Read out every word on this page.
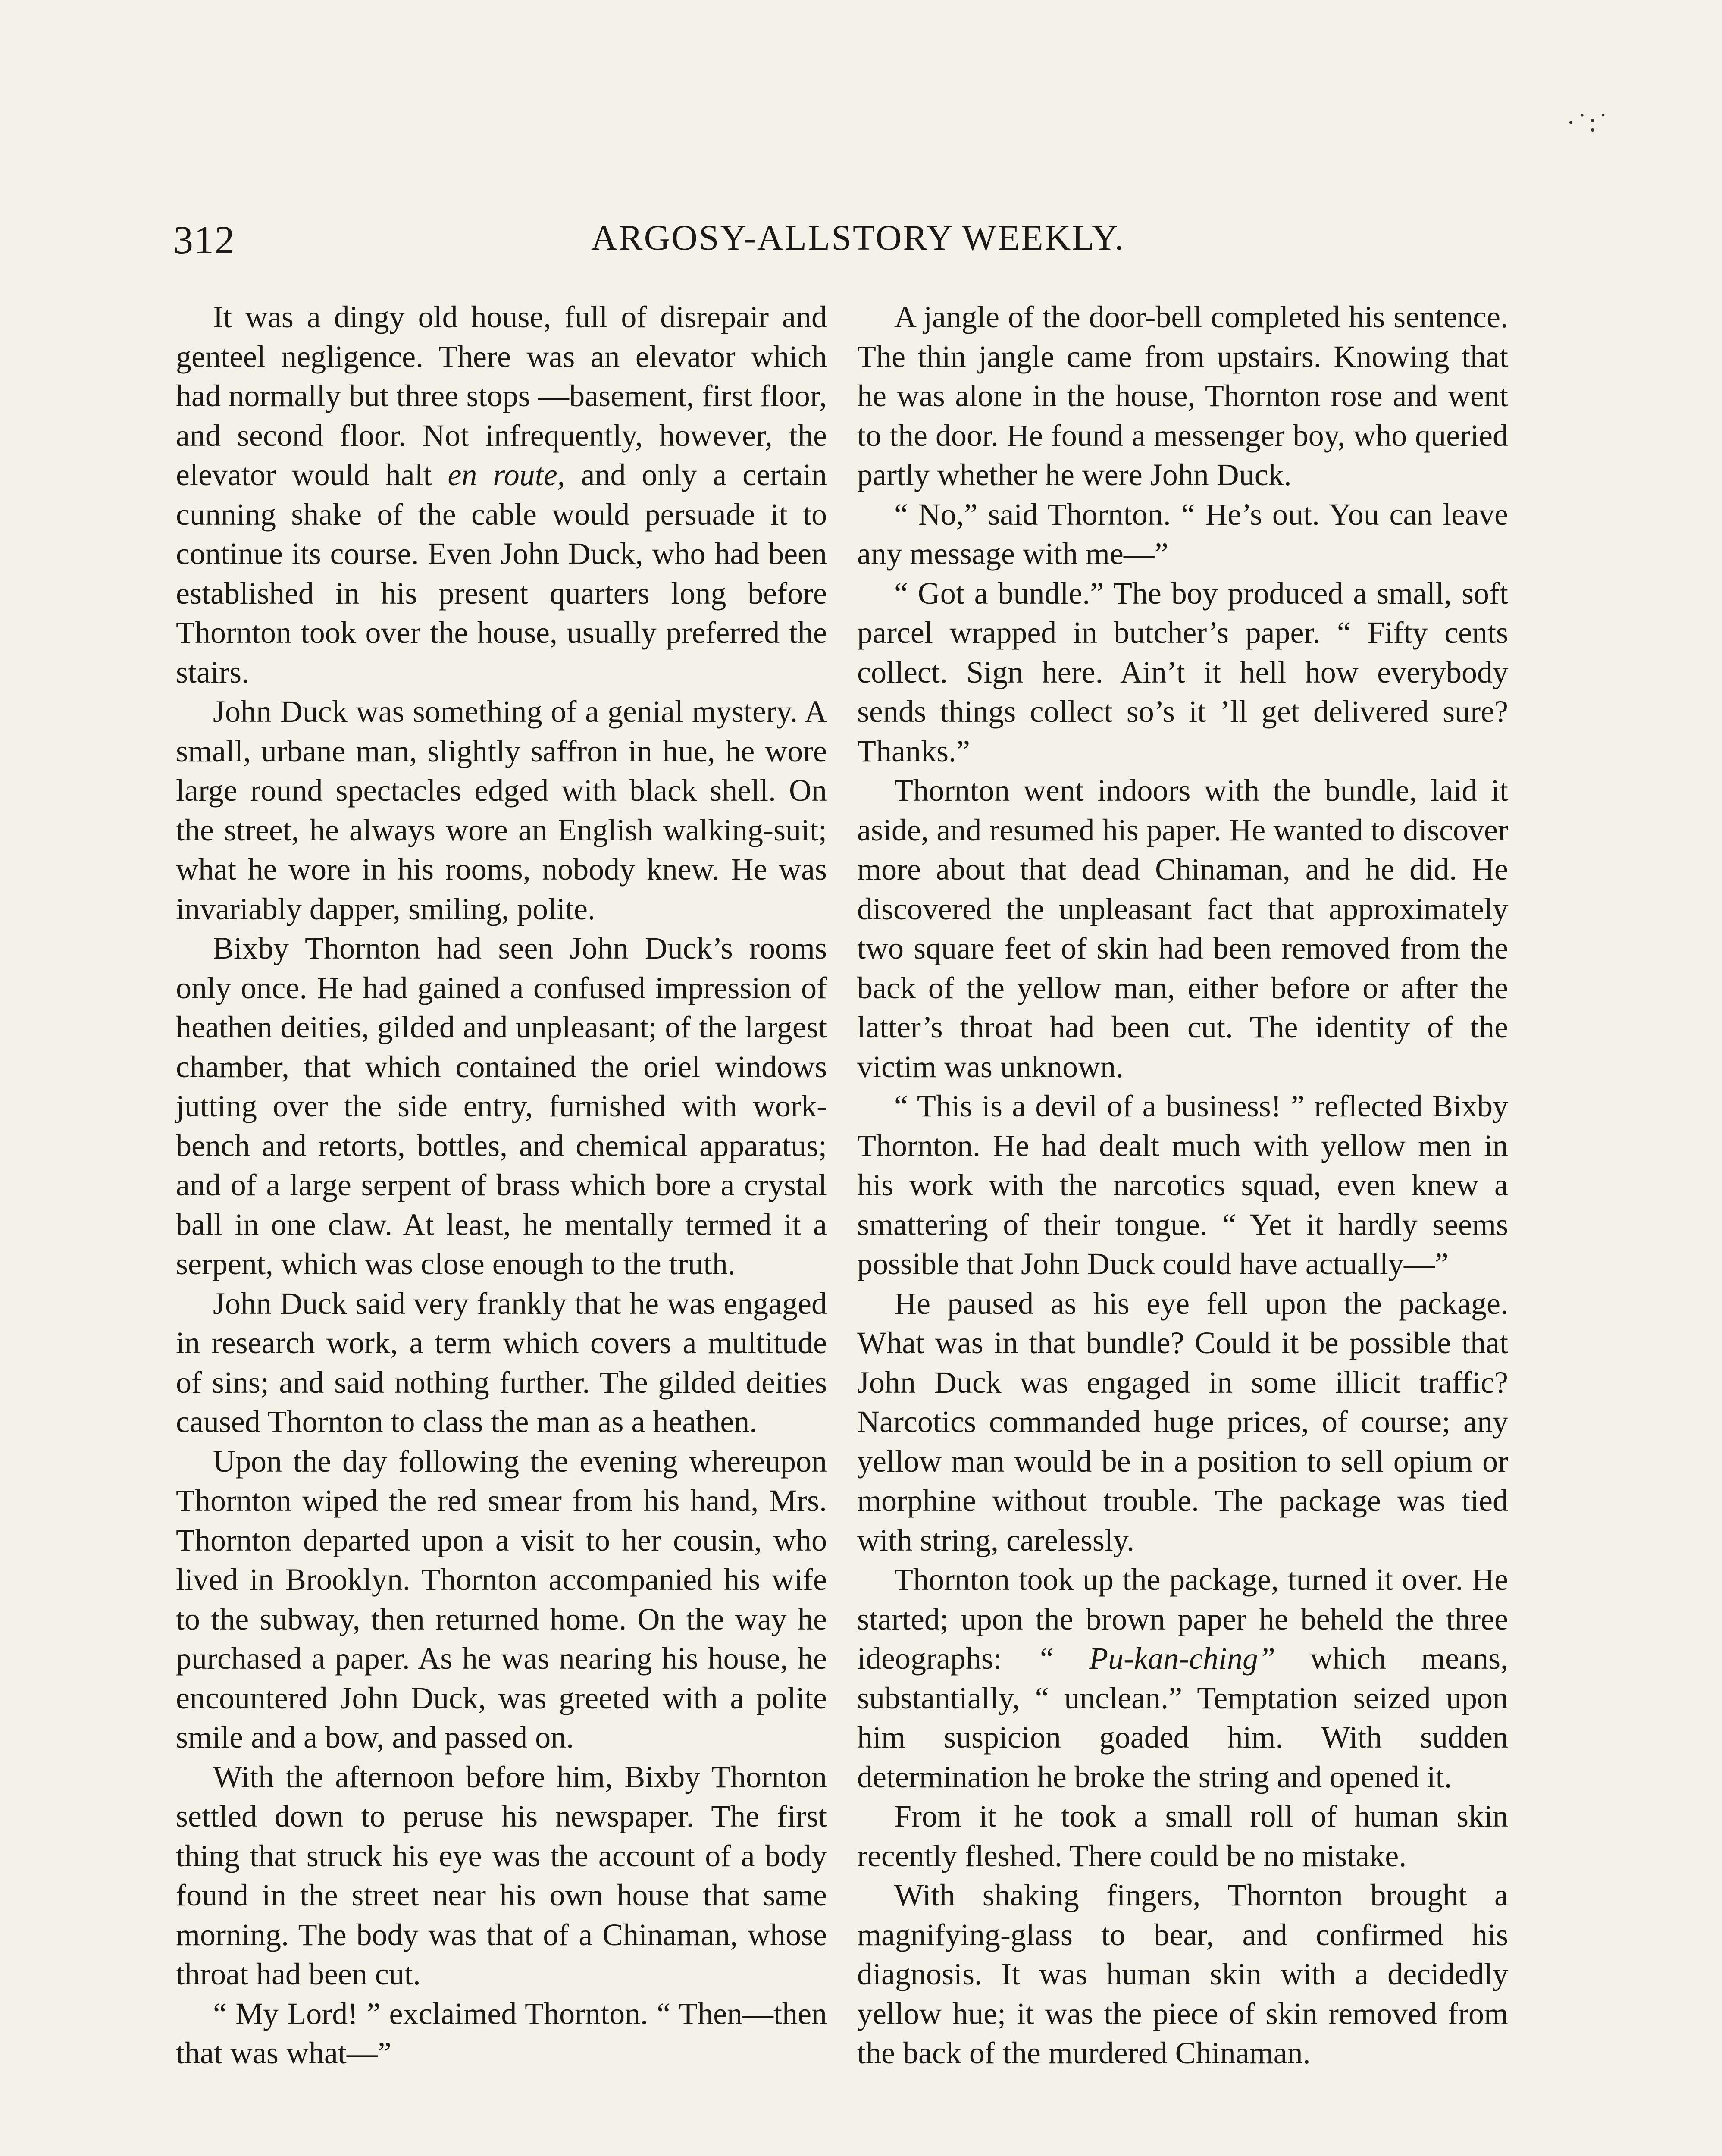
·˙:˙
312	ARGOSY-ALLSTORY WEEKLY.

It was a dingy old house, full of disrepair and genteel negligence. There was an elevator which had normally but three stops —basement, first floor, and second floor. Not infrequently, however, the elevator would halt en route, and only a certain cunning shake of the cable would persuade it to continue its course. Even John Duck, who had been established in his present quarters long before Thornton took over the house, usually preferred the stairs.

John Duck was something of a genial mystery. A small, urbane man, slightly saffron in hue, he wore large round spectacles edged with black shell. On the street, he always wore an English walking-suit; what he wore in his rooms, nobody knew. He was invariably dapper, smiling, polite.

Bixby Thornton had seen John Duck’s rooms only once. He had gained a confused impression of heathen deities, gilded and unpleasant; of the largest chamber, that which contained the oriel windows jutting over the side entry, furnished with work-bench and retorts, bottles, and chemical apparatus; and of a large serpent of brass which bore a crystal ball in one claw. At least, he mentally termed it a serpent, which was close enough to the truth.

John Duck said very frankly that he was engaged in research work, a term which covers a multitude of sins; and said nothing further. The gilded deities caused Thornton to class the man as a heathen.

Upon the day following the evening whereupon Thornton wiped the red smear from his hand, Mrs. Thornton departed upon a visit to her cousin, who lived in Brooklyn. Thornton accompanied his wife to the subway, then returned home. On the way he purchased a paper. As he was nearing his house, he encountered John Duck, was greeted with a polite smile and a bow, and passed on.

With the afternoon before him, Bixby Thornton settled down to peruse his newspaper. The first thing that struck his eye was the account of a body found in the street near his own house that same morning. The body was that of a Chinaman, whose throat had been cut.

“ My Lord! ” exclaimed Thornton. “ Then—then that was what—”

A jangle of the door-bell completed his sentence. The thin jangle came from upstairs. Knowing that he was alone in the house, Thornton rose and went to the door. He found a messenger boy, who queried partly whether he were John Duck.

“ No,” said Thornton. “ He’s out. You can leave any message with me—”

“ Got a bundle.” The boy produced a small, soft parcel wrapped in butcher’s paper. “ Fifty cents collect. Sign here. Ain’t it hell how everybody sends things collect so’s it ’ll get delivered sure? Thanks.”

Thornton went indoors with the bundle, laid it aside, and resumed his paper. He wanted to discover more about that dead Chinaman, and he did. He discovered the unpleasant fact that approximately two square feet of skin had been removed from the back of the yellow man, either before or after the latter’s throat had been cut. The identity of the victim was unknown.

“ This is a devil of a business! ” reflected Bixby Thornton. He had dealt much with yellow men in his work with the narcotics squad, even knew a smattering of their tongue. “ Yet it hardly seems possible that John Duck could have actually—”

He paused as his eye fell upon the package. What was in that bundle? Could it be possible that John Duck was engaged in some illicit traffic? Narcotics commanded huge prices, of course; any yellow man would be in a position to sell opium or morphine without trouble. The package was tied with string, carelessly.

Thornton took up the package, turned it over. He started; upon the brown paper he beheld the three ideographs: “ Pu-kan-ching” which means, substantially, “ unclean.” Temptation seized upon him suspicion goaded him. With sudden determination he broke the string and opened it.

From it he took a small roll of human skin recently fleshed. There could be no mistake.

With shaking fingers, Thornton brought a magnifying-glass to bear, and confirmed his diagnosis. It was human skin with a decidedly yellow hue; it was the piece of skin removed from the back of the murdered Chinaman.
